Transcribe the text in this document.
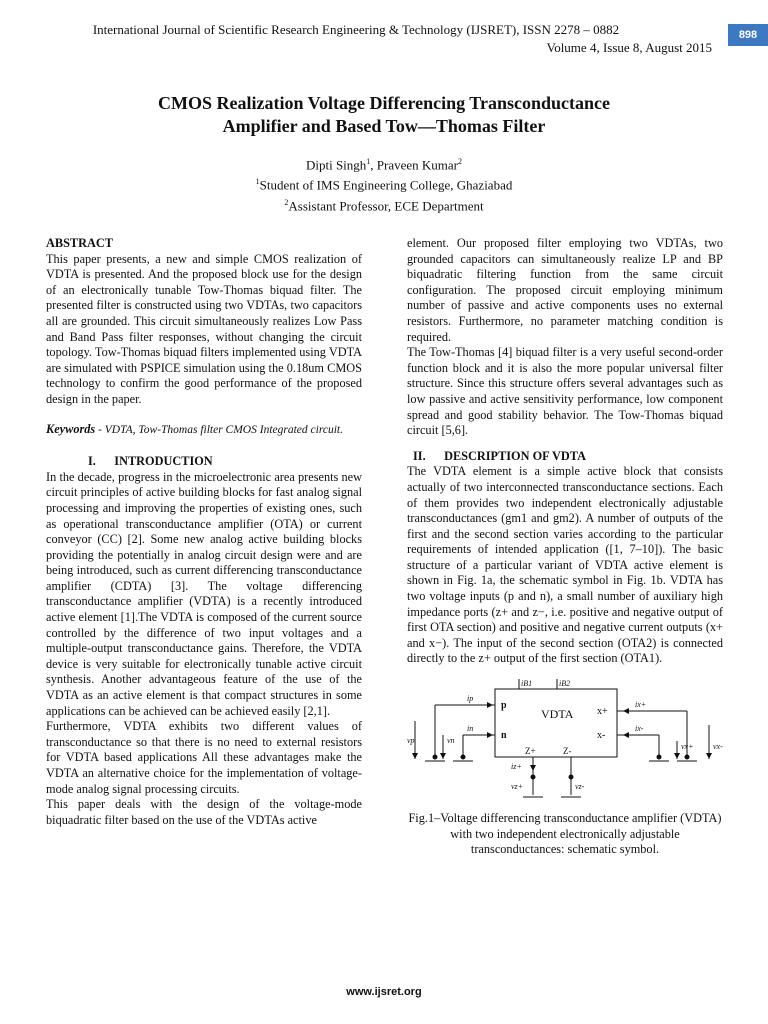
International Journal of Scientific Research Engineering & Technology (IJSRET), ISSN 2278 – 0882
Volume 4, Issue 8, August 2015
898
CMOS Realization Voltage Differencing Transconductance
Amplifier and Based Tow—Thomas Filter
Dipti Singh$^1$, Praveen Kumar$^2$
$^1$Student of IMS Engineering College, Ghaziabad
$^2$Assistant Professor, ECE Department

ABSTRACT

This paper presents, a new and simple CMOS realization of VDTA is presented. And the proposed block use for the design of an electronically tunable Tow-Thomas biquad filter. The presented filter is constructed using two VDTAs, two capacitors all are grounded. This circuit simultaneously realizes Low Pass and Band Pass filter responses, without changing the circuit topology. Tow-Thomas biquad filters implemented using VDTA are simulated with PSPICE simulation using the 0.18um CMOS technology to confirm the good performance of the proposed design in the paper.

Keywords - VDTA, Tow-Thomas filter CMOS Integrated circuit.

I.      INTRODUCTION

In the decade, progress in the microelectronic area presents new circuit principles of active building blocks for fast analog signal processing and improving the properties of existing ones, such as operational transconductance amplifier (OTA) or current conveyor (CC) [2]. Some new analog active building blocks providing the potentially in analog circuit design were and are being introduced, such as current differencing transconductance amplifier (CDTA) [3]. The voltage differencing transconductance amplifier (VDTA) is a recently introduced active element [1].The VDTA is composed of the current source controlled by the difference of two input voltages and a multiple-output transconductance gains. Therefore, the VDTA device is very suitable for electronically tunable active circuit synthesis. Another advantageous feature of the use of the VDTA as an active element is that compact structures in some applications can be achieved can be achieved easily [2,1].

Furthermore, VDTA exhibits two different values of transconductance so that there is no need to external resistors for VDTA based applications All these advantages make the VDTA an alternative choice for the implementation of voltage-mode analog signal processing circuits.

This paper deals with the design of the voltage-mode biquadratic filter based on the use of the VDTAs active

element. Our proposed filter employing two VDTAs, two grounded capacitors can simultaneously realize LP and BP biquadratic filtering function from the same circuit configuration. The proposed circuit employing minimum number of passive and active components uses no external resistors. Furthermore, no parameter matching condition is required.

The Tow-Thomas [4] biquad filter is a very useful second-order function block and it is also the more popular universal filter structure. Since this structure offers several advantages such as low passive and active sensitivity performance, low component spread and good stability behavior. The Tow-Thomas biquad circuit [5,6].

II.      DESCRIPTION OF VDTA

The VDTA element is a simple active block that consists actually of two interconnected transconductance sections. Each of them provides two independent electronically adjustable transconductances (gm1 and gm2). A number of outputs of the first and the second section varies according to the particular requirements of intended application ([1, 7–10]). The basic structure of a particular variant of VDTA active element is shown in Fig. 1a, the schematic symbol in Fig. 1b. VDTA has two voltage inputs (p and n), a small number of auxiliary high impedance ports (z+ and z−, i.e. positive and negative output of first OTA section) and positive and negative current outputs (x+ and x−). The input of the second section (OTA2) is connected directly to the z+ output of the first section (OTA1).

VDTA
p
n
x+
x-
Z+	Z-
iB1	iB2
ip
in
ix+
ix-
iz+
vp	vn
vx+ vx-
vz+	vz-

Fig.1–Voltage differencing transconductance amplifier (VDTA) with two independent electronically adjustable transconductances: schematic symbol.

www.ijsret.org
